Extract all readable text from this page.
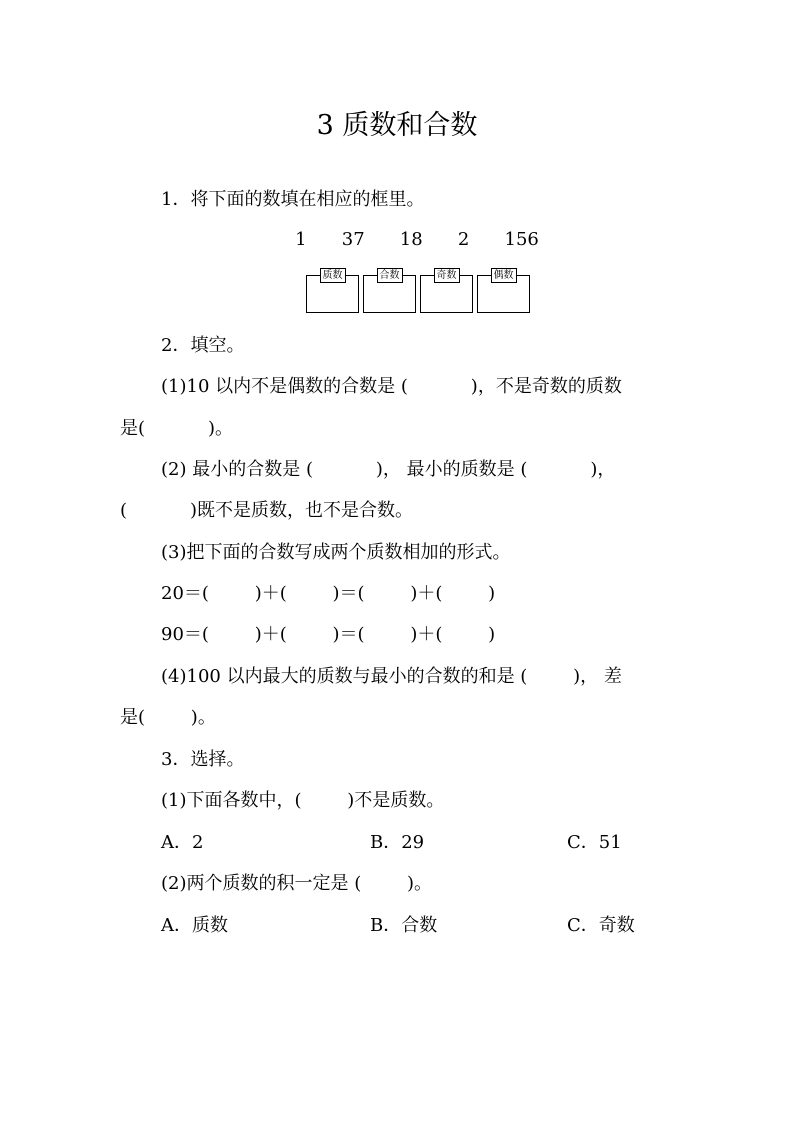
3 质数和合数
1．将下面的数填在相应的框里。
1   37   18   2   156
质数	合数	奇数	偶数
2．填空。
(1)10 以内不是偶数的合数是 (           )，不是奇数的质数
是(           )。
(2) 最小的合数是 (           )， 最小的质数是 (           )，
(           )既不是质数，也不是合数。
(3)把下面的合数写成两个质数相加的形式。
20＝(        )＋(        )＝(        )＋(        )
90＝(        )＋(        )＝(        )＋(        )
(4)100 以内最大的质数与最小的合数的和是 (        )， 差
是(        )。
3．选择。
(1)下面各数中，(        )不是质数。
A．2	B．29	C．51
(2)两个质数的积一定是 (        )。
A．质数	B．合数	C．奇数
